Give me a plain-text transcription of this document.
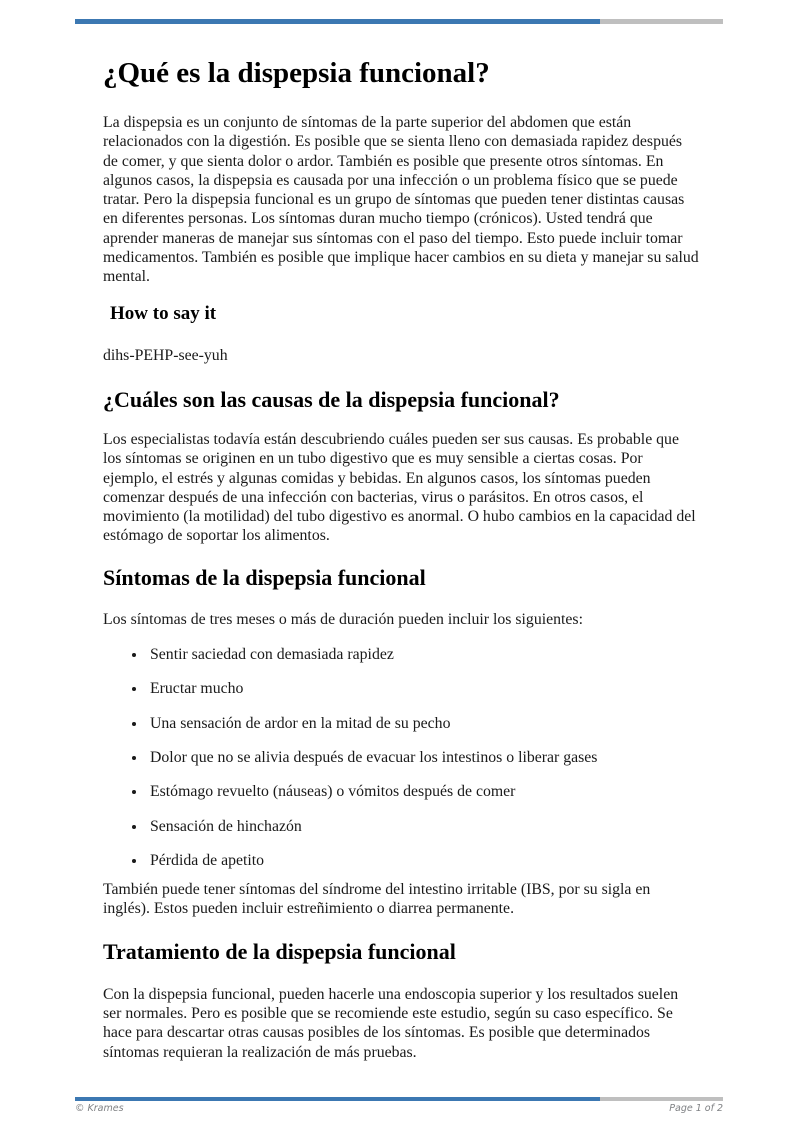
¿Qué es la dispepsia funcional?

La dispepsia es un conjunto de síntomas de la parte superior del abdomen que están relacionados con la digestión. Es posible que se sienta lleno con demasiada rapidez después de comer, y que sienta dolor o ardor. También es posible que presente otros síntomas. En algunos casos, la dispepsia es causada por una infección o un problema físico que se puede tratar. Pero la dispepsia funcional es un grupo de síntomas que pueden tener distintas causas en diferentes personas. Los síntomas duran mucho tiempo (crónicos). Usted tendrá que aprender maneras de manejar sus síntomas con el paso del tiempo. Esto puede incluir tomar medicamentos. También es posible que implique hacer cambios en su dieta y manejar su salud mental.

How to say it

dihs-PEHP-see-yuh

¿Cuáles son las causas de la dispepsia funcional?

Los especialistas todavía están descubriendo cuáles pueden ser sus causas. Es probable que los síntomas se originen en un tubo digestivo que es muy sensible a ciertas cosas. Por ejemplo, el estrés y algunas comidas y bebidas. En algunos casos, los síntomas pueden comenzar después de una infección con bacterias, virus o parásitos. En otros casos, el movimiento (la motilidad) del tubo digestivo es anormal. O hubo cambios en la capacidad del estómago de soportar los alimentos.

Síntomas de la dispepsia funcional

Los síntomas de tres meses o más de duración pueden incluir los siguientes:

• Sentir saciedad con demasiada rapidez
• Eructar mucho
• Una sensación de ardor en la mitad de su pecho
• Dolor que no se alivia después de evacuar los intestinos o liberar gases
• Estómago revuelto (náuseas) o vómitos después de comer
• Sensación de hinchazón
• Pérdida de apetito

También puede tener síntomas del síndrome del intestino irritable (IBS, por su sigla en inglés). Estos pueden incluir estreñimiento o diarrea permanente.

Tratamiento de la dispepsia funcional

Con la dispepsia funcional, pueden hacerle una endoscopia superior y los resultados suelen ser normales. Pero es posible que se recomiende este estudio, según su caso específico. Se hace para descartar otras causas posibles de los síntomas. Es posible que determinados síntomas requieran la realización de más pruebas.

© Krames	Page 1 of 2
